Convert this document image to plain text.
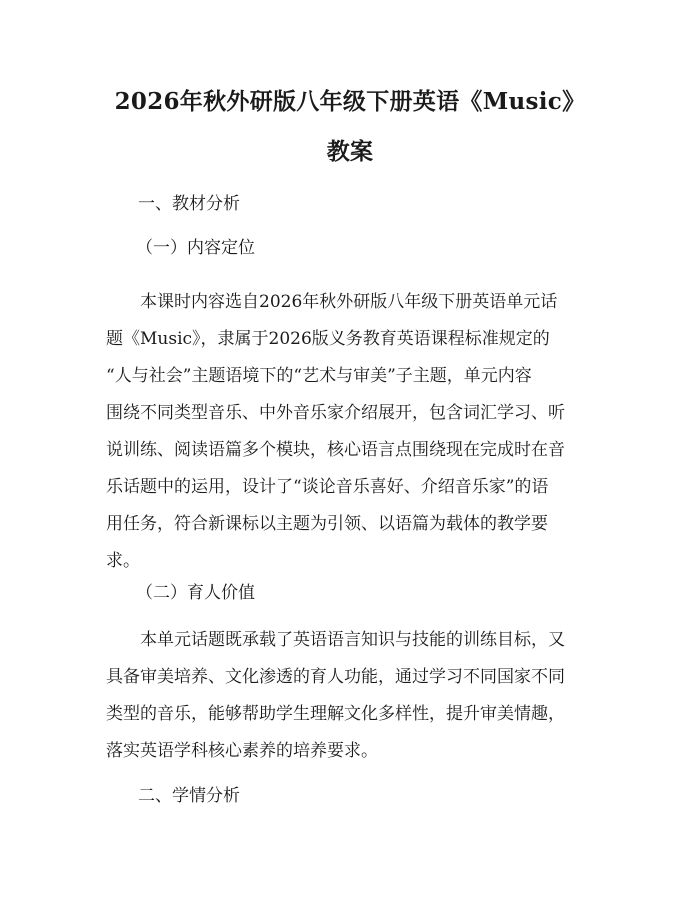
2026年秋外研版八年级下册英语《Music》
教案

一、教材分析

（一）内容定位

本课时内容选自2026年秋外研版八年级下册英语单元话
题《Music》，隶属于2026版义务教育英语课程标准规定的
“人与社会”主题语境下的“艺术与审美”子主题，单元内容
围绕不同类型音乐、中外音乐家介绍展开，包含词汇学习、听
说训练、阅读语篇多个模块，核心语言点围绕现在完成时在音
乐话题中的运用，设计了“谈论音乐喜好、介绍音乐家”的语
用任务，符合新课标以主题为引领、以语篇为载体的教学要
求。

（二）育人价值

本单元话题既承载了英语语言知识与技能的训练目标，又
具备审美培养、文化渗透的育人功能，通过学习不同国家不同
类型的音乐，能够帮助学生理解文化多样性，提升审美情趣，
落实英语学科核心素养的培养要求。

二、学情分析
